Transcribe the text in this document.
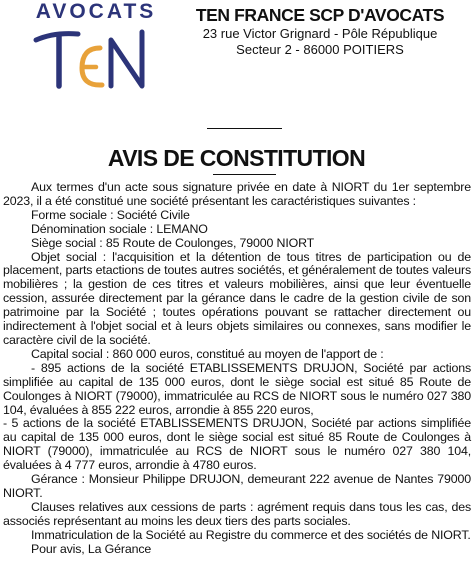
AVOCATS	TEN FRANCE SCP D'AVOCATS
23 rue Victor Grignard - Pôle République
Secteur 2 - 86000 POITIERS
AVIS DE CONSTITUTION

Aux termes d'un acte sous signature privée en date à NIORT du 1er septembre 2023, il a été constitué une société présentant les caractéristiques suivantes :

Forme sociale : Société Civile

Dénomination sociale : LEMANO

Siège social : 85 Route de Coulonges, 79000 NIORT

Objet social : l'acquisition et la détention de tous titres de participation ou de placement, parts etactions de toutes autres sociétés, et généralement de toutes valeurs mobilières ; la gestion de ces titres et valeurs mobilières, ainsi que leur éventuelle cession, assurée directement par la gérance dans le cadre de la gestion civile de son patrimoine par la Société ; toutes opérations pouvant se rattacher directement ou indirectement à l'objet social et à leurs objets similaires ou connexes, sans modifier le caractère civil de la société.

Capital social : 860 000 euros, constitué au moyen de l'apport de :

- 895 actions de la société ETABLISSEMENTS DRUJON, Société par actions simplifiée au capital de 135 000 euros, dont le siège social est situé 85 Route de Coulonges à NIORT (79000), immatriculée au RCS de NIORT sous le numéro 027 380 104, évaluées à 855 222 euros, arrondie à 855 220 euros,

- 5 actions de la société ETABLISSEMENTS DRUJON, Société par actions simplifiée au capital de 135 000 euros, dont le siège social est situé 85 Route de Coulonges à NIORT (79000), immatriculée au RCS de NIORT sous le numéro 027 380 104, évaluées à 4 777 euros, arrondie à 4780 euros.

Gérance : Monsieur Philippe DRUJON, demeurant 222 avenue de Nantes 79000 NIORT.

Clauses relatives aux cessions de parts : agrément requis dans tous les cas, des associés représentant au moins les deux tiers des parts sociales.

Immatriculation de la Société au Registre du commerce et des sociétés de NIORT.

Pour avis, La Gérance
